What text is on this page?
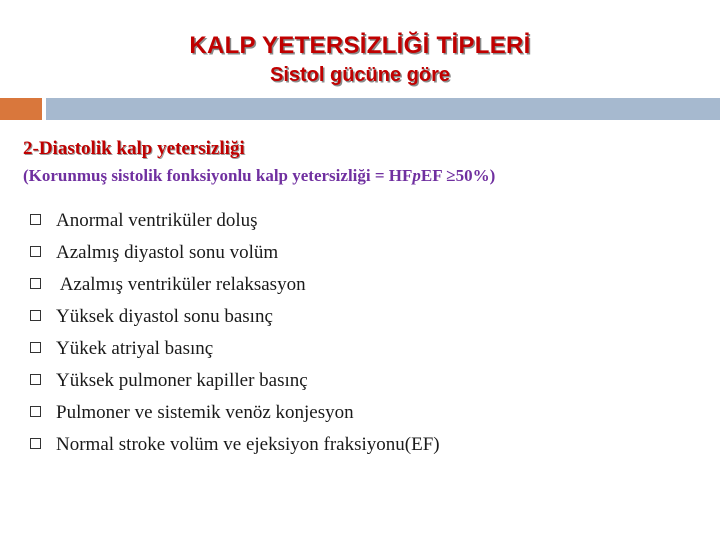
KALP YETERSİZLİĞİ TİPLERİ
Sistol gücüne göre
2-Diastolik kalp yetersizliği
(Korunmuş sistolik fonksiyonlu kalp yetersizliği = HFpEF ≥50%)
Anormal ventriküler doluş
Azalmış diyastol sonu volüm
Azalmış ventriküler relaksasyon
Yüksek diyastol sonu basınç
Yükek atriyal basınç
Yüksek pulmoner kapiller basınç
Pulmoner ve sistemik venöz konjesyon
Normal stroke volüm ve ejeksiyon fraksiyonu(EF)
